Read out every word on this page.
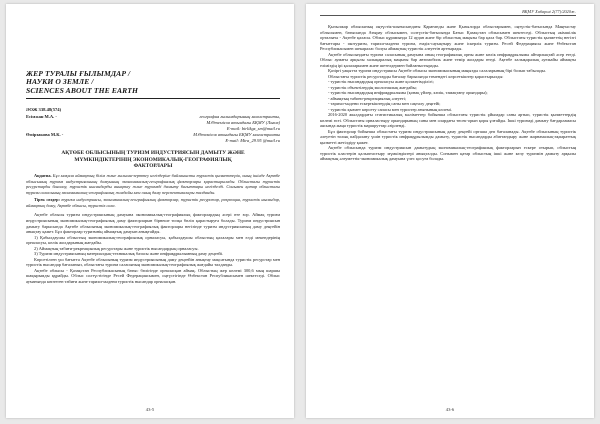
ЖЕР ТУРАЛЫ ҒЫЛЫМДАР /
НАУКИ О ЗЕМЛЕ /
SCIENCES ABOUT THE EARTH
ӘОЖ 338.48(574)
Есімжан М.А. -	география ғылымдарының магистранты,
М.Өтемісов атындағы БҚМУ (Львов)
E-mail: birlіkgz_sm@mail.ru
Өмірзакова М.К. -	М.Өтемісов атындағы БҚМУ магистранты
E-mail: Mira_29.95 @mail.ru
АҚТӨБЕ ОБЛЫСЫНЫҢ ТУРИЗМ ИНДУСТРИЯСЫН ДАМЫТУ ЖӘНЕ
МҮМКІНДІКТЕРІНІҢ ЭКОНОМИКАЛЫҚ-ГЕОГРАФИЯЛЫҚ
ФАКТОРЛАРЫ
Аңдатпа. Бұл мақала аймақтың білім және ғылыми-зерттеу негіздеріне байланысты туристік қызметтерін, оның ішінде Ақтөбе облысының туризм индустриясының дамуының экономикалық-географиялық факторлары қарастырылады. Облыстағы туристік ресурстарды бағалау, туристік нысандарды анықтау және туризмді дамыту бағыттары негізделді. Сонымен қатар облыстағы туризм саласының экономикалық-географиялық жағдайы мен оның даму перспективалары талданды.
Тірек сөздер: туризм индустриясы, экономикалық-географиялық факторлар, туристік ресурстар, рекреация, туристік нысандар, аймақтық даму, Ақтөбе облысы, туристік сала.

Ақтөбе облысы туризм индустриясының дамуына экономикалық-географиялық факторлардың әсері өте зор. Аймақ туризм индустриясының экономикалық-географиялық даму факторларын бірнеше топқа бөліп қарастыруға болады. Туризм индустриясын дамыту барысында Ақтөбе облысының экономикалық-географиялық факторлары негізінде туризм индустриясының даму деңгейін анықтау қажет. Бұл факторлар туризмнің аймақтық дамуын анықтайды.

1) Қабылдаушы облыстың экономикалық-географиялық орналасуы, қабылдаушы облыстың қалалары мен елді мекендерінің орналасуы, көлік жолдарының жағдайы.

2) Аймақтың табиғи-рекреациялық ресурстары және туристік нысандардың орналасуы.

3) Туризм индустриясының материалдық-техникалық базасы және инфрақұрылымның даму деңгейі.

Көрсетілген үш бағытта Ақтөбе облысының туризм индустриясының даму деңгейін анықтау мақсатында туристік ресурстар мен туристік нысандар бағаланып, облыстағы туризм саласының экономикалық-географиялық жағдайы талданды.

Ақтөбе облысы - Қазақстан Республикасының батыс бөлігінде орналасқан аймақ. Облыстың жер көлемі 300,6 мың шаршы шақырымды құрайды. Облыс солтүстігінде Ресей Федерациясымен, оңтүстігінде Өзбекстан Республикасымен шектеседі. Облыс аумағында көптеген табиғи және тарихи-мәдени туристік нысандар орналасқан.

43-5
ВҚМУ Хабарші 2(77)/2020ж.

Қызылжар облысының оңтүстік-шығысындағы Қарағанды және Қызылорда облыстарымен, оңтүстік-батысында Маңғыстау облысымен, батысында Атырау облысымен, солтүстік-батысында Батыс Қазақстан облысымен шектеседі. Облыстың әкімшілік орталығы - Ақтөбе қаласы. Облыс құрамында 12 аудан және бір облыстық маңызы бар қала бар. Облыстағы туристік қызметтің негізгі бағыттары - экотуризм, тарихи-мәдени туризм, емдік-сауықтыру және іскерлік туризм. Ресей Федерациясы және Өзбекстан Республикасымен шекаралас болуы аймақтың туристік әлеуетін арттырады.

Ақтөбе облысындағы туризм саласының дамуына оның географиялық орны және көлік инфрақұрылымы айтарлықтай әсер етеді. Облыс аумағы арқылы халықаралық маңызы бар автомобиль және темір жолдары өтеді. Ақтөбе халықаралық әуежайы аймақты еліміздің ірі қалаларымен және шетелдермен байланыстырады.

Қазіргі уақытта туризм индустриясы Ақтөбе облысы экономикасының маңызды салаларының бірі болып табылады.

Облыстағы туристік ресурстарды бағалау барысында төмендегі көрсеткіштер қарастырылды:

- туристік нысандардың орналасуы және қолжетімділігі;

- туристік объектілердің экологиялық жағдайы;

- туристік нысандардың инфрақұрылымы (қонақ үйлер, көлік, тамақтану орындары);

- аймақтың табиғи-рекреациялық әлеуеті;

- тарихи-мәдени ескерткіштердің саны мен сақталу деңгейі;

- туристік қызмет көрсету сапасы мен туристер ағынының көлемі.

2016-2020 жылдардағы статистикалық мәліметтер бойынша облыстағы туристік ұйымдар саны артып, туристік қызметтердің көлемі өсті. Облыстағы орналастыру орындарының саны мен олардағы төсек-орын қоры ұлғайды. Ішкі туризмді дамыту бағдарламасы аясында жаңа туристік маршруттар әзірленді.

Бұл факторлар бойынша облыстағы туризм индустриясының даму деңгейі орташа деп бағаланады. Ақтөбе облысының туристік әлеуетін толық пайдалану үшін туристік инфрақұрылымды дамыту, туристік нысандарды абаттандыру және жарнамалық-ақпараттық қызметті жетілдіру қажет.

Ақтөбе облысында туризм индустриясын дамытудың экономикалық-географиялық факторларын ескере отырып, облыстың туристік кластерін қалыптастыру мүмкіндіктері анықталды. Сонымен қатар облыстың ішкі және келу туризмін дамыту арқылы аймақтың әлеуметтік-экономикалық дамуына үлес қосуға болады.

43-6
